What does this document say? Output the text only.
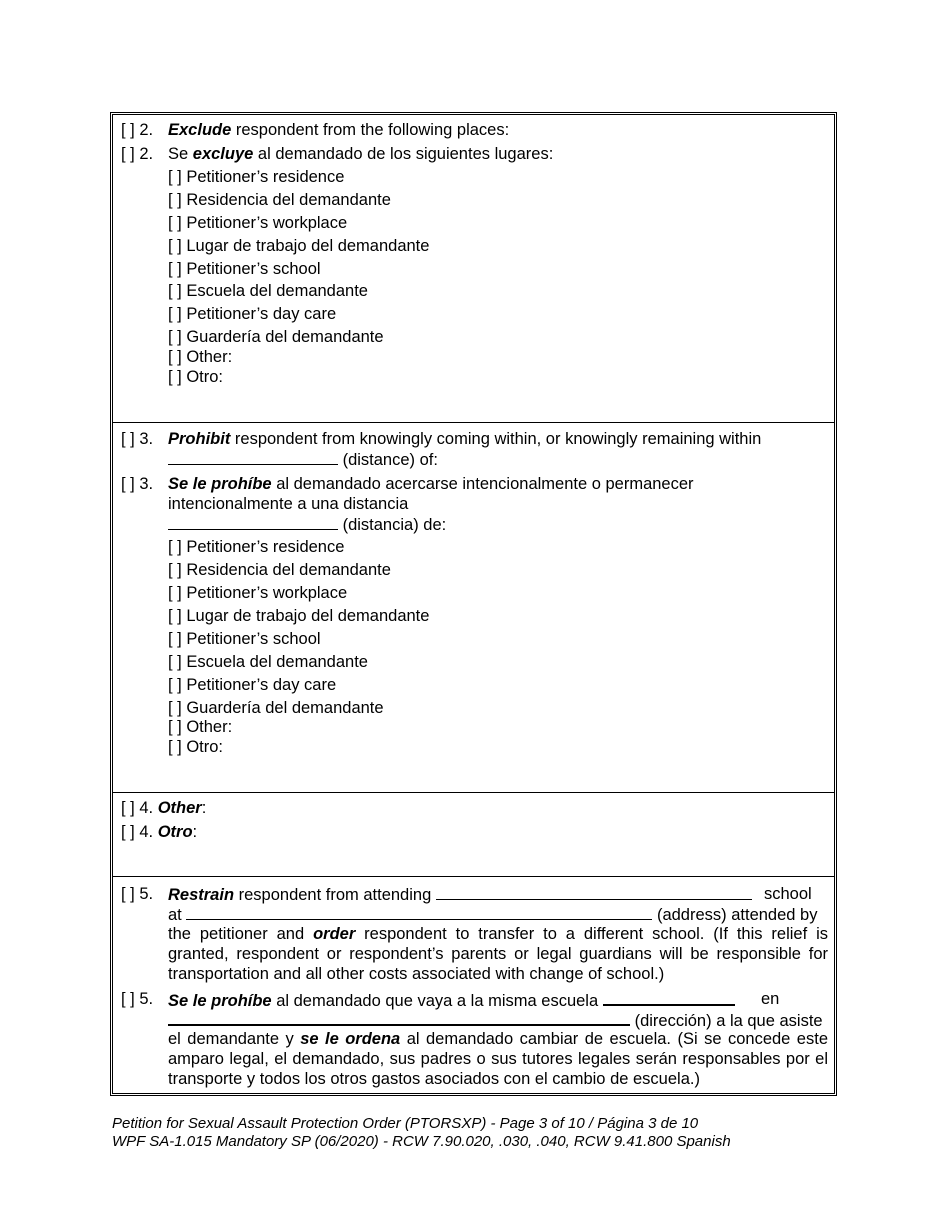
[ ] 2. Exclude respondent from the following places:
[ ] 2. Se excluye al demandado de los siguientes lugares:
[ ] Petitioner’s residence
[ ] Residencia del demandante
[ ] Petitioner’s workplace
[ ] Lugar de trabajo del demandante
[ ] Petitioner’s school
[ ] Escuela del demandante
[ ] Petitioner’s day care
[ ] Guardería del demandante
[ ] Other:
[ ] Otro:
[ ] 3. Prohibit respondent from knowingly coming within, or knowingly remaining within
(distance) of:
[ ] 3. Se le prohíbe al demandado acercarse intencionalmente o permanecer
intencionalmente a una distancia
(distancia) de:
[ ] Petitioner’s residence
[ ] Residencia del demandante
[ ] Petitioner’s workplace
[ ] Lugar de trabajo del demandante
[ ] Petitioner’s school
[ ] Escuela del demandante
[ ] Petitioner’s day care
[ ] Guardería del demandante
[ ] Other:
[ ] Otro:
[ ] 4. Other:
[ ] 4. Otro:
[ ] 5. Restrain respondent from attending	school
at	(address) attended by
the petitioner and order respondent to transfer to a different school. (If this relief is granted, respondent or respondent’s parents or legal guardians will be responsible for transportation and all other costs associated with change of school.)
[ ] 5. Se le prohíbe al demandado que vaya a la misma escuela	en
(dirección) a la que asiste
el demandante y se le ordena al demandado cambiar de escuela. (Si se concede este amparo legal, el demandado, sus padres o sus tutores legales serán responsables por el transporte y todos los otros gastos asociados con el cambio de escuela.)
Petition for Sexual Assault Protection Order (PTORSXP) - Page 3 of 10 / Página 3 de 10
WPF SA-1.015 Mandatory SP (06/2020) - RCW 7.90.020, .030, .040, RCW 9.41.800 Spanish
